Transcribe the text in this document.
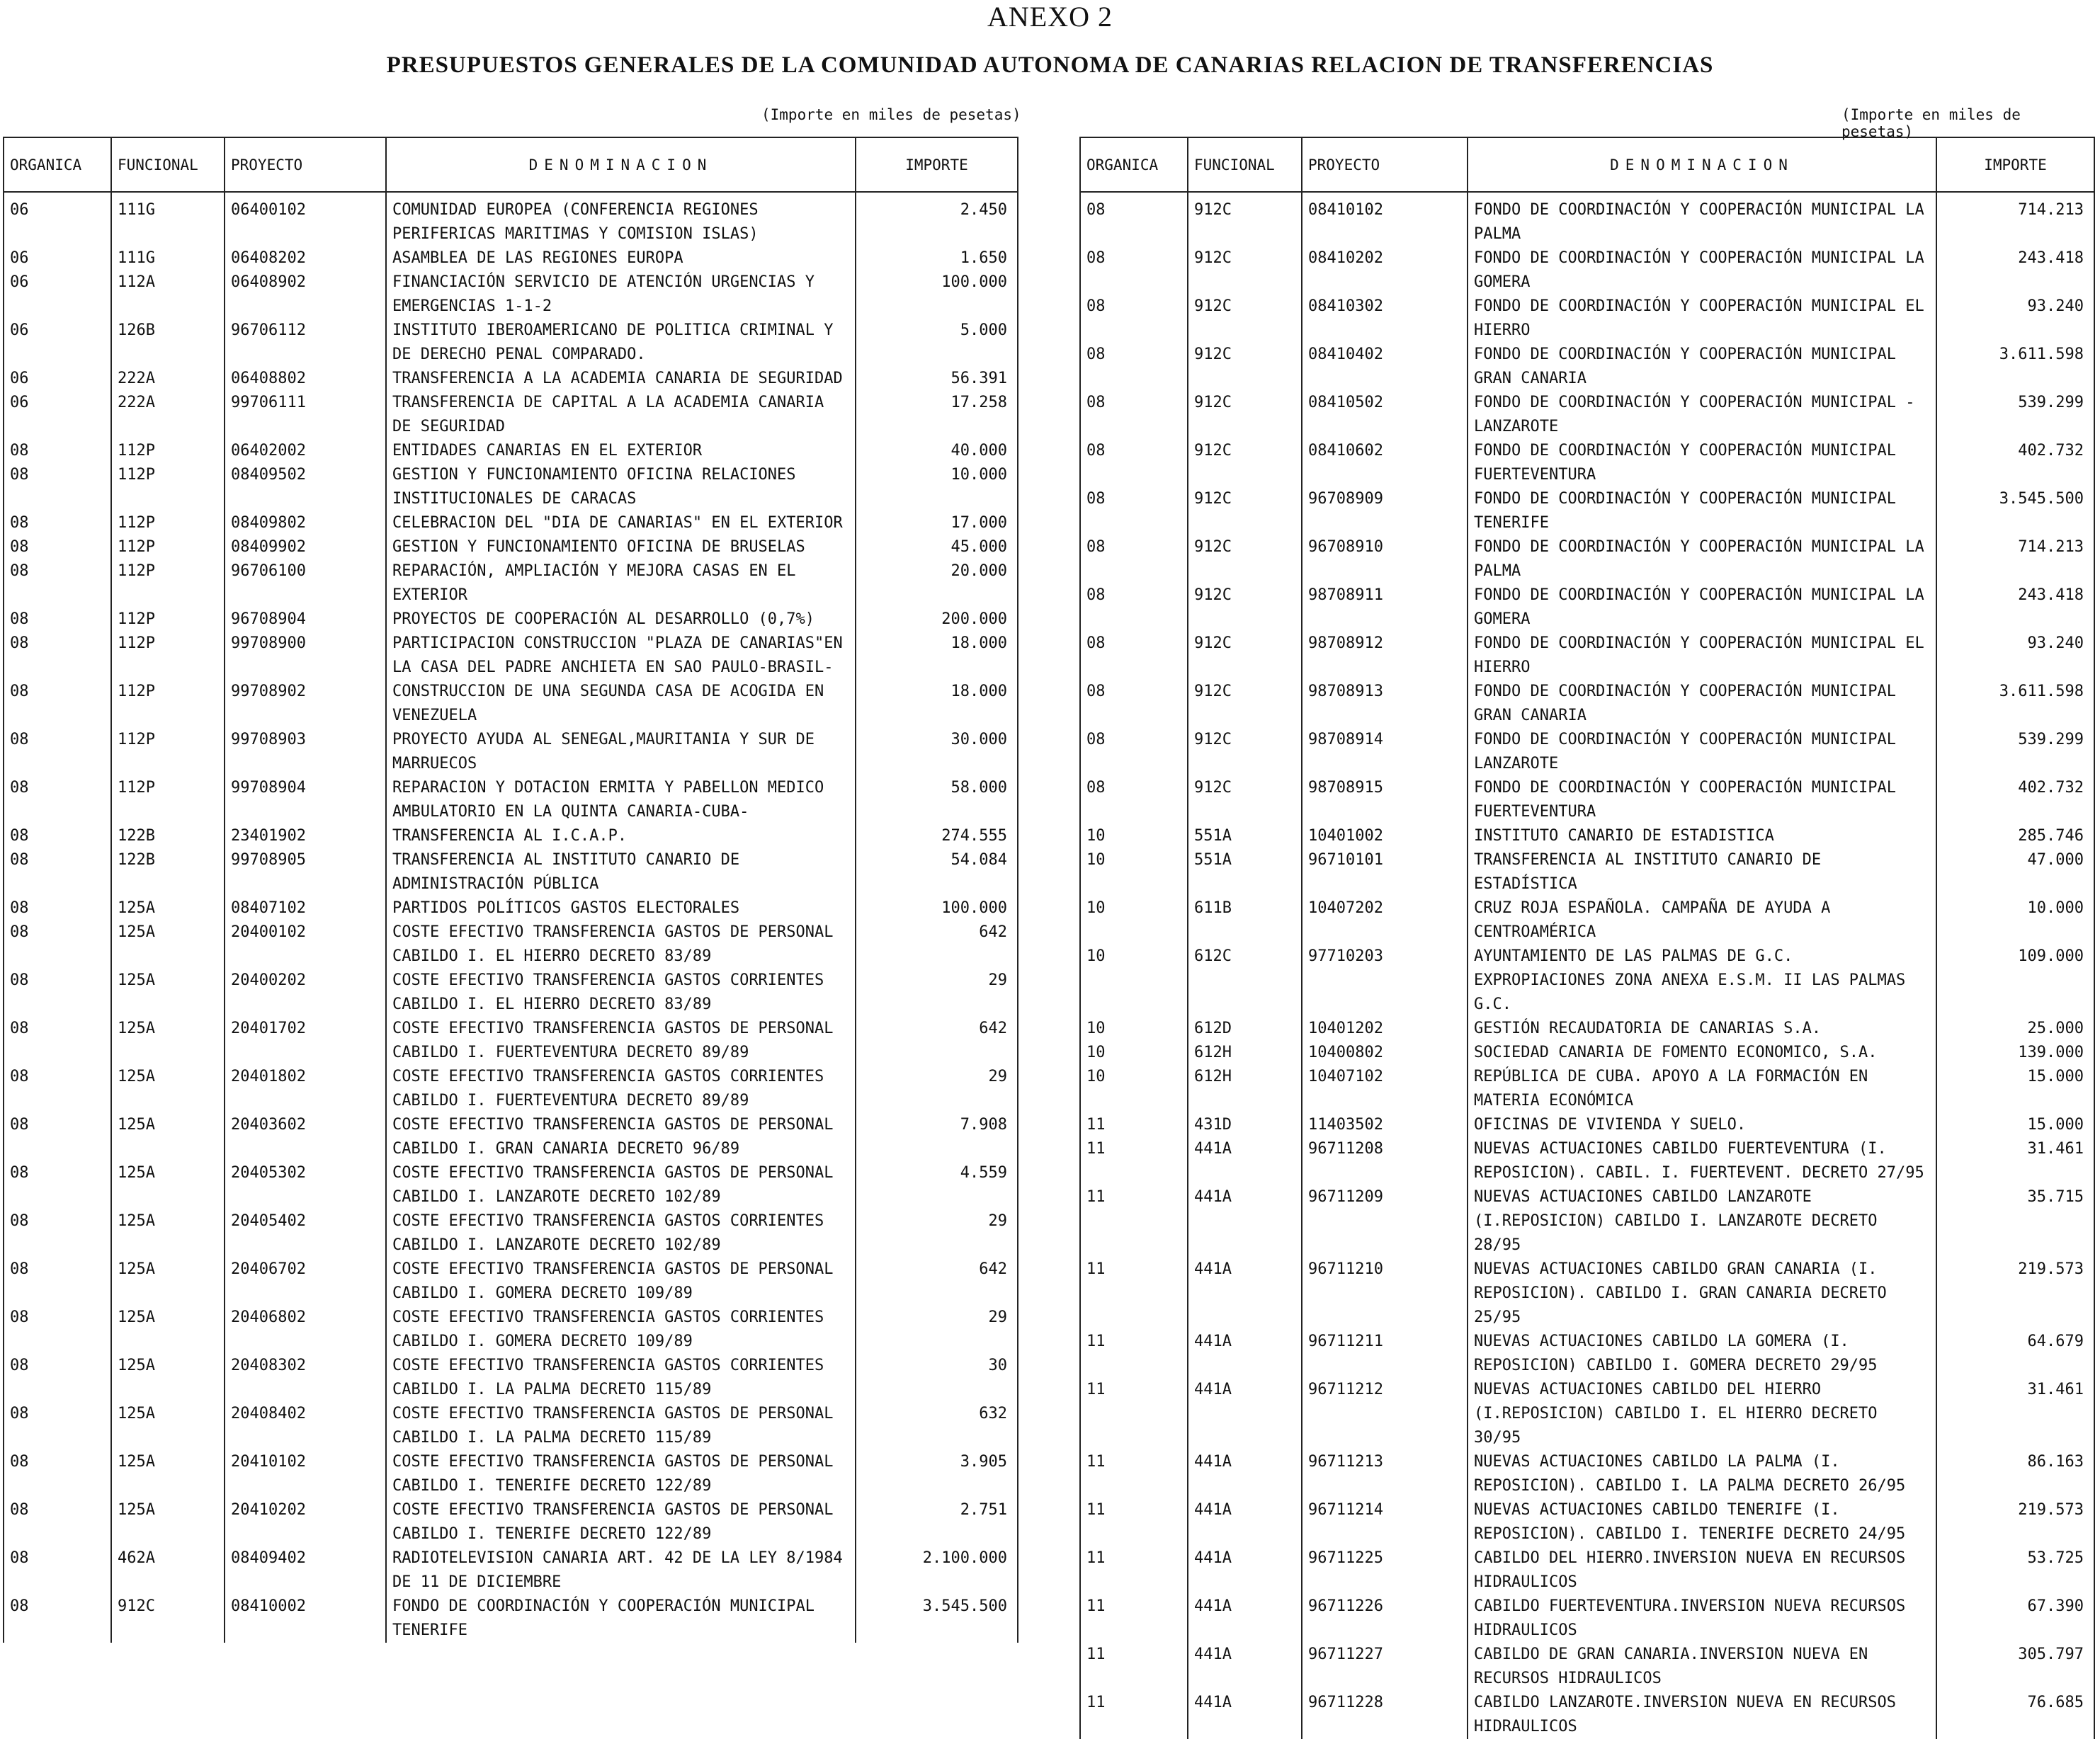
ANEXO 2
PRESUPUESTOS GENERALES DE LA COMUNIDAD AUTONOMA DE CANARIAS RELACION DE TRANSFERENCIAS
(Importe en miles de pesetas)	(Importe en miles de pesetas)
ORGANICA	FUNCIONAL	PROYECTO	DENOMINACION	IMPORTE
06	111G	06400102	COMUNIDAD EUROPEA (CONFERENCIA REGIONES PERIFERICAS MARITIMAS Y COMISION ISLAS)	2.450
06	111G	06408202	ASAMBLEA DE LAS REGIONES EUROPA	1.650
06	112A	06408902	FINANCIACIÓN SERVICIO DE ATENCIÓN URGENCIAS Y EMERGENCIAS 1-1-2	100.000
06	126B	96706112	INSTITUTO IBEROAMERICANO DE POLITICA CRIMINAL Y DE DERECHO PENAL COMPARADO.	5.000
06	222A	06408802	TRANSFERENCIA A LA ACADEMIA CANARIA DE SEGURIDAD	56.391
06	222A	99706111	TRANSFERENCIA DE CAPITAL A LA ACADEMIA CANARIA DE SEGURIDAD	17.258
08	112P	06402002	ENTIDADES CANARIAS EN EL EXTERIOR	40.000
08	112P	08409502	GESTION Y FUNCIONAMIENTO OFICINA RELACIONES INSTITUCIONALES DE CARACAS	10.000
08	112P	08409802	CELEBRACION DEL "DIA DE CANARIAS" EN EL EXTERIOR	17.000
08	112P	08409902	GESTION Y FUNCIONAMIENTO OFICINA DE BRUSELAS	45.000
08	112P	96706100	REPARACIÓN, AMPLIACIÓN Y MEJORA CASAS EN EL EXTERIOR	20.000
08	112P	96708904	PROYECTOS DE COOPERACIÓN AL DESARROLLO (0,7%)	200.000
08	112P	99708900	PARTICIPACION CONSTRUCCION "PLAZA DE CANARIAS"EN LA CASA DEL PADRE ANCHIETA EN SAO PAULO-BRASIL-	18.000
08	112P	99708902	CONSTRUCCION DE UNA SEGUNDA CASA DE ACOGIDA EN VENEZUELA	18.000
08	112P	99708903	PROYECTO AYUDA AL SENEGAL,MAURITANIA Y SUR DE MARRUECOS	30.000
08	112P	99708904	REPARACION Y DOTACION ERMITA Y PABELLON MEDICO AMBULATORIO EN LA QUINTA CANARIA-CUBA-	58.000
08	122B	23401902	TRANSFERENCIA AL I.C.A.P.	274.555
08	122B	99708905	TRANSFERENCIA AL INSTITUTO CANARIO DE ADMINISTRACIÓN PÚBLICA	54.084
08	125A	08407102	PARTIDOS POLÍTICOS GASTOS ELECTORALES	100.000
08	125A	20400102	COSTE EFECTIVO TRANSFERENCIA GASTOS DE PERSONAL CABILDO I. EL HIERRO DECRETO 83/89	642
08	125A	20400202	COSTE EFECTIVO TRANSFERENCIA GASTOS CORRIENTES CABILDO I. EL HIERRO DECRETO 83/89	29
08	125A	20401702	COSTE EFECTIVO TRANSFERENCIA GASTOS DE PERSONAL CABILDO I. FUERTEVENTURA DECRETO 89/89	642
08	125A	20401802	COSTE EFECTIVO TRANSFERENCIA GASTOS CORRIENTES CABILDO I. FUERTEVENTURA DECRETO 89/89	29
08	125A	20403602	COSTE EFECTIVO TRANSFERENCIA GASTOS DE PERSONAL CABILDO I. GRAN CANARIA DECRETO 96/89	7.908
08	125A	20405302	COSTE EFECTIVO TRANSFERENCIA GASTOS DE PERSONAL CABILDO I. LANZAROTE DECRETO 102/89	4.559
08	125A	20405402	COSTE EFECTIVO TRANSFERENCIA GASTOS CORRIENTES CABILDO I. LANZAROTE DECRETO 102/89	29
08	125A	20406702	COSTE EFECTIVO TRANSFERENCIA GASTOS DE PERSONAL CABILDO I. GOMERA DECRETO 109/89	642
08	125A	20406802	COSTE EFECTIVO TRANSFERENCIA GASTOS CORRIENTES CABILDO I. GOMERA DECRETO 109/89	29
08	125A	20408302	COSTE EFECTIVO TRANSFERENCIA GASTOS CORRIENTES CABILDO I. LA PALMA DECRETO 115/89	30
08	125A	20408402	COSTE EFECTIVO TRANSFERENCIA GASTOS DE PERSONAL CABILDO I. LA PALMA DECRETO 115/89	632
08	125A	20410102	COSTE EFECTIVO TRANSFERENCIA GASTOS DE PERSONAL CABILDO I. TENERIFE DECRETO 122/89	3.905
08	125A	20410202	COSTE EFECTIVO TRANSFERENCIA GASTOS DE PERSONAL CABILDO I. TENERIFE DECRETO 122/89	2.751
08	462A	08409402	RADIOTELEVISION CANARIA ART. 42 DE LA LEY 8/1984 DE 11 DE DICIEMBRE	2.100.000
08	912C	08410002	FONDO DE COORDINACIÓN Y COOPERACIÓN MUNICIPAL TENERIFE	3.545.500
ORGANICA	FUNCIONAL	PROYECTO	DENOMINACION	IMPORTE
08	912C	08410102	FONDO DE COORDINACIÓN Y COOPERACIÓN MUNICIPAL LA PALMA	714.213
08	912C	08410202	FONDO DE COORDINACIÓN Y COOPERACIÓN MUNICIPAL LA GOMERA	243.418
08	912C	08410302	FONDO DE COORDINACIÓN Y COOPERACIÓN MUNICIPAL EL HIERRO	93.240
08	912C	08410402	FONDO DE COORDINACIÓN Y COOPERACIÓN MUNICIPAL GRAN CANARIA	3.611.598
08	912C	08410502	FONDO DE COORDINACIÓN Y COOPERACIÓN MUNICIPAL - LANZAROTE	539.299
08	912C	08410602	FONDO DE COORDINACIÓN Y COOPERACIÓN MUNICIPAL FUERTEVENTURA	402.732
08	912C	96708909	FONDO DE COORDINACIÓN Y COOPERACIÓN MUNICIPAL TENERIFE	3.545.500
08	912C	96708910	FONDO DE COORDINACIÓN Y COOPERACIÓN MUNICIPAL LA PALMA	714.213
08	912C	98708911	FONDO DE COORDINACIÓN Y COOPERACIÓN MUNICIPAL LA GOMERA	243.418
08	912C	98708912	FONDO DE COORDINACIÓN Y COOPERACIÓN MUNICIPAL EL HIERRO	93.240
08	912C	98708913	FONDO DE COORDINACIÓN Y COOPERACIÓN MUNICIPAL GRAN CANARIA	3.611.598
08	912C	98708914	FONDO DE COORDINACIÓN Y COOPERACIÓN MUNICIPAL LANZAROTE	539.299
08	912C	98708915	FONDO DE COORDINACIÓN Y COOPERACIÓN MUNICIPAL FUERTEVENTURA	402.732
10	551A	10401002	INSTITUTO CANARIO DE ESTADISTICA	285.746
10	551A	96710101	TRANSFERENCIA AL INSTITUTO CANARIO DE ESTADÍSTICA	47.000
10	611B	10407202	CRUZ ROJA ESPAÑOLA. CAMPAÑA DE AYUDA A CENTROAMÉRICA	10.000
10	612C	97710203	AYUNTAMIENTO DE LAS PALMAS DE G.C. EXPROPIACIONES ZONA ANEXA E.S.M. II LAS PALMAS G.C.	109.000
10	612D	10401202	GESTIÓN RECAUDATORIA DE CANARIAS S.A.	25.000
10	612H	10400802	SOCIEDAD CANARIA DE FOMENTO ECONOMICO, S.A.	139.000
10	612H	10407102	REPÚBLICA DE CUBA. APOYO A LA FORMACIÓN EN MATERIA ECONÓMICA	15.000
11	431D	11403502	OFICINAS DE VIVIENDA Y SUELO.	15.000
11	441A	96711208	NUEVAS ACTUACIONES CABILDO FUERTEVENTURA (I. REPOSICION). CABIL. I. FUERTEVENT. DECRETO 27/95	31.461
11	441A	96711209	NUEVAS ACTUACIONES CABILDO LANZAROTE (I.REPOSICION) CABILDO I. LANZAROTE DECRETO 28/95	35.715
11	441A	96711210	NUEVAS ACTUACIONES CABILDO GRAN CANARIA (I. REPOSICION). CABILDO I. GRAN CANARIA DECRETO 25/95	219.573
11	441A	96711211	NUEVAS ACTUACIONES CABILDO LA GOMERA (I. REPOSICION) CABILDO I. GOMERA DECRETO 29/95	64.679
11	441A	96711212	NUEVAS ACTUACIONES CABILDO DEL HIERRO (I.REPOSICION) CABILDO I. EL HIERRO DECRETO 30/95	31.461
11	441A	96711213	NUEVAS ACTUACIONES CABILDO LA PALMA (I. REPOSICION). CABILDO I. LA PALMA DECRETO 26/95	86.163
11	441A	96711214	NUEVAS ACTUACIONES CABILDO TENERIFE (I. REPOSICION). CABILDO I. TENERIFE DECRETO 24/95	219.573
11	441A	96711225	CABILDO DEL HIERRO.INVERSION NUEVA EN RECURSOS HIDRAULICOS	53.725
11	441A	96711226	CABILDO FUERTEVENTURA.INVERSION NUEVA RECURSOS HIDRAULICOS	67.390
11	441A	96711227	CABILDO DE GRAN CANARIA.INVERSION NUEVA EN RECURSOS HIDRAULICOS	305.797
11	441A	96711228	CABILDO LANZAROTE.INVERSION NUEVA EN RECURSOS HIDRAULICOS	76.685
